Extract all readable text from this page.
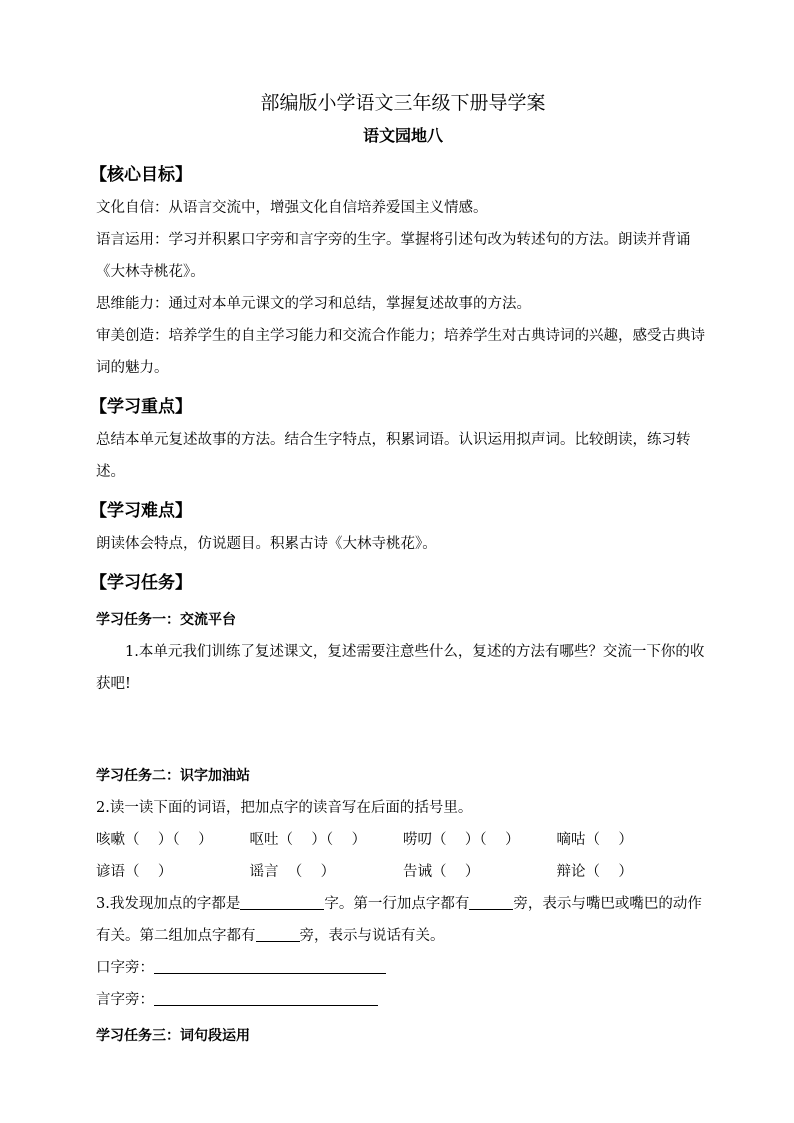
部编版小学语文三年级下册导学案
语文园地八
【核心目标】
文化自信：从语言交流中，增强文化自信培养爱国主义情感。
语言运用：学习并积累口字旁和言字旁的生字。掌握将引述句改为转述句的方法。朗读并背诵《大林寺桃花》。
思维能力：通过对本单元课文的学习和总结，掌握复述故事的方法。
审美创造：培养学生的自主学习能力和交流合作能力；培养学生对古典诗词的兴趣，感受古典诗词的魅力。
【学习重点】
总结本单元复述故事的方法。结合生字特点，积累词语。认识运用拟声词。比较朗读，练习转述。
【学习难点】
朗读体会特点，仿说题目。积累古诗《大林寺桃花》。
【学习任务】
学习任务一：交流平台
1.本单元我们训练了复述课文，复述需要注意些什么，复述的方法有哪些？交流一下你的收获吧!
学习任务二：识字加油站
2.读一读下面的词语，把加点字的读音写在后面的括号里。
咳嗽（    ）（    ）	呕吐（    ）（    ）	唠叨（    ）（    ）	嘀咕（    ）
谚语（    ）	谣言  （    ）	告诫（    ）	辩论（    ）
3.我发现加点的字都是	字。第一行加点字都有	旁，表示与嘴巴或嘴巴的动作有关。第二组加点字都有	旁，表示与说话有关。
口字旁：
言字旁：
学习任务三：词句段运用
